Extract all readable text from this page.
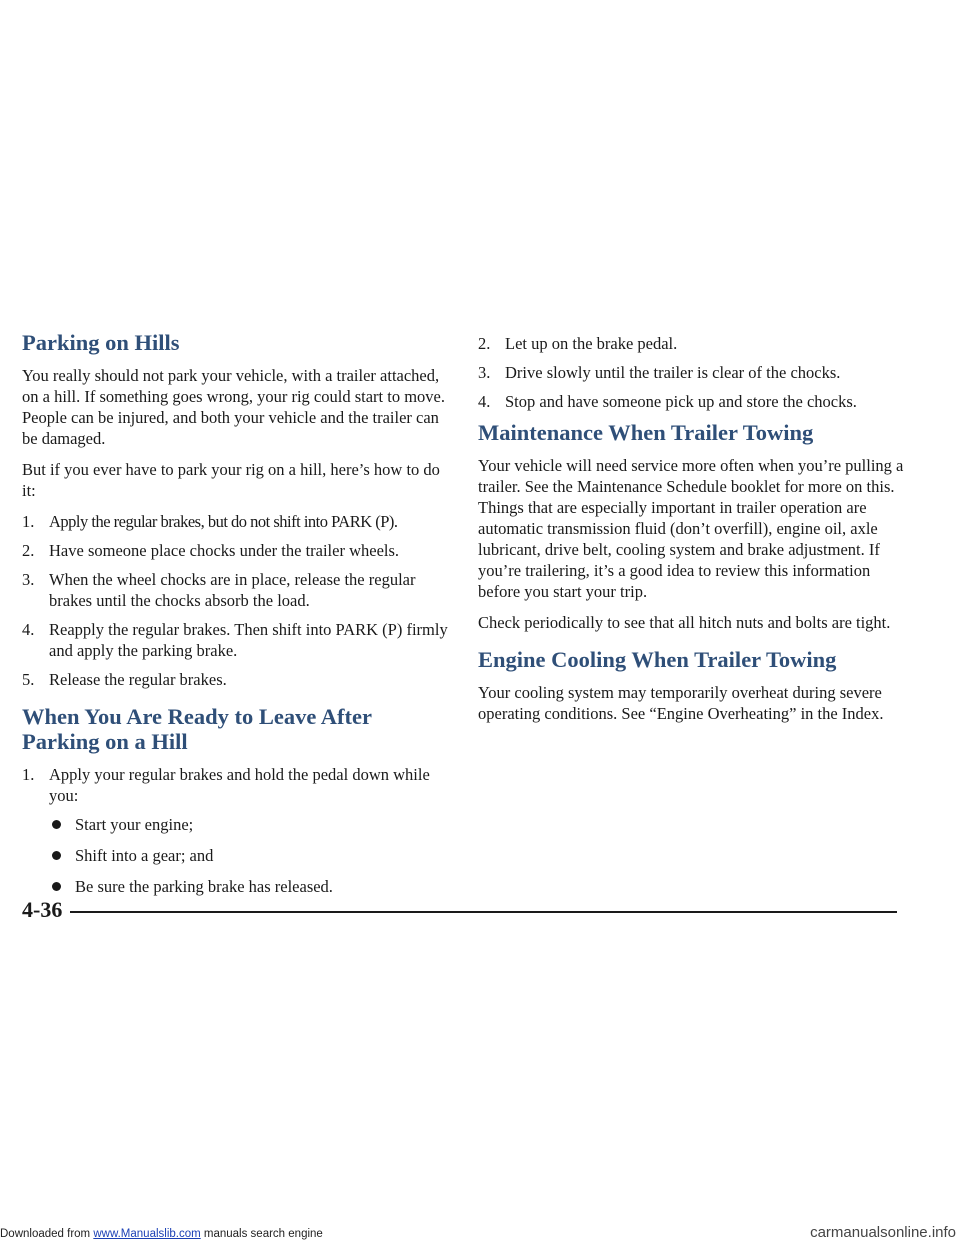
Parking on Hills

You really should not park your vehicle, with a trailer attached, on a hill. If something goes wrong, your rig could start to move. People can be injured, and both your vehicle and the trailer can be damaged.

But if you ever have to park your rig on a hill, here’s how to do it:

1. Apply the regular brakes, but do not shift into PARK (P).
2. Have someone place chocks under the trailer wheels.
3. When the wheel chocks are in place, release the regular brakes until the chocks absorb the load.
4. Reapply the regular brakes. Then shift into PARK (P) firmly and apply the parking brake.
5. Release the regular brakes.
When You Are Ready to Leave After Parking on a Hill
1. Apply your regular brakes and hold the pedal down while you:
Start your engine;
Shift into a gear; and
Be sure the parking brake has released.
2. Let up on the brake pedal.
3. Drive slowly until the trailer is clear of the chocks.
4. Stop and have someone pick up and store the chocks.
Maintenance When Trailer Towing

Your vehicle will need service more often when you’re pulling a trailer. See the Maintenance Schedule booklet for more on this. Things that are especially important in trailer operation are automatic transmission fluid (don’t overfill), engine oil, axle lubricant, drive belt, cooling system and brake adjustment. If you’re trailering, it’s a good idea to review this information before you start your trip.

Check periodically to see that all hitch nuts and bolts are tight.

Engine Cooling When Trailer Towing

Your cooling system may temporarily overheat during severe operating conditions. See “Engine Overheating” in the Index.

4-36
Downloaded from www.Manualslib.com manuals search engine	carmanualsonline.info
